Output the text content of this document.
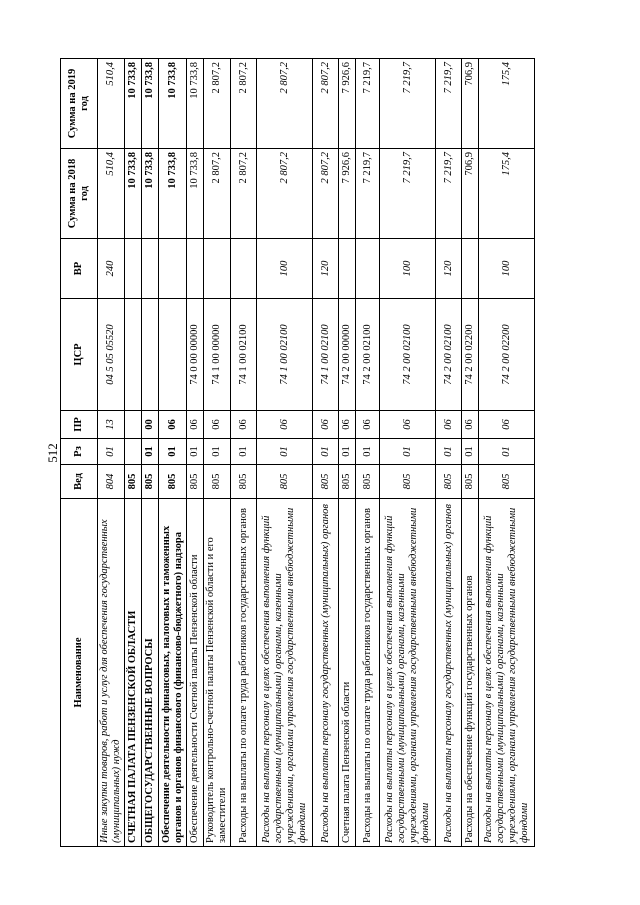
512
Наименование	Вед	Рз	ПР	ЦСР	ВР	Сумма на 2018 год	Сумма на 2019 год
Иные закупки товаров, работ и услуг для обеспечения государственных (муниципальных) нужд	804	01	13	04 5 05 05520	240	510,4	510,4
СЧЕТНАЯ ПАЛАТА ПЕНЗЕНСКОЙ ОБЛАСТИ	805					10 733,8	10 733,8
ОБЩЕГОСУДАРСТВЕННЫЕ ВОПРОСЫ	805	01	00			10 733,8	10 733,8
Обеспечение деятельности финансовых, налоговых и таможенных органов и органов финансового (финансово-бюджетного) надзора	805	01	06			10 733,8	10 733,8
Обеспечение деятельности Счетной палаты Пензенской области	805	01	06	74 0 00 00000		10 733,8	10 733,8
Руководитель контрольно-счетной палаты Пензенской области и его заместители	805	01	06	74 1 00 00000		2 807,2	2 807,2
Расходы на выплаты по оплате труда работников государственных органов	805	01	06	74 1 00 02100		2 807,2	2 807,2
Расходы на выплаты персоналу в целях обеспечения выполнения функций государственными (муниципальными) органами, казенными учреждениями, органами управления государственными внебюджетными фондами	805	01	06	74 1 00 02100	100	2 807,2	2 807,2
Расходы на выплаты персоналу государственных (муниципальных) органов	805	01	06	74 1 00 02100	120	2 807,2	2 807,2
Счетная палата Пензенской области	805	01	06	74 2 00 00000		7 926,6	7 926,6
Расходы на выплаты по оплате труда работников государственных органов	805	01	06	74 2 00 02100		7 219,7	7 219,7
Расходы на выплаты персоналу в целях обеспечения выполнения функций государственными (муниципальными) органами, казенными учреждениями, органами управления государственными внебюджетными фондами	805	01	06	74 2 00 02100	100	7 219,7	7 219,7
Расходы на выплаты персоналу государственных (муниципальных) органов	805	01	06	74 2 00 02100	120	7 219,7	7 219,7
Расходы на обеспечение функций государственных органов	805	01	06	74 2 00 02200		706,9	706,9
Расходы на выплаты персоналу в целях обеспечения выполнения функций государственными (муниципальными) органами, казенными учреждениями, органами управления государственными внебюджетными фондами	805	01	06	74 2 00 02200	100	175,4	175,4
